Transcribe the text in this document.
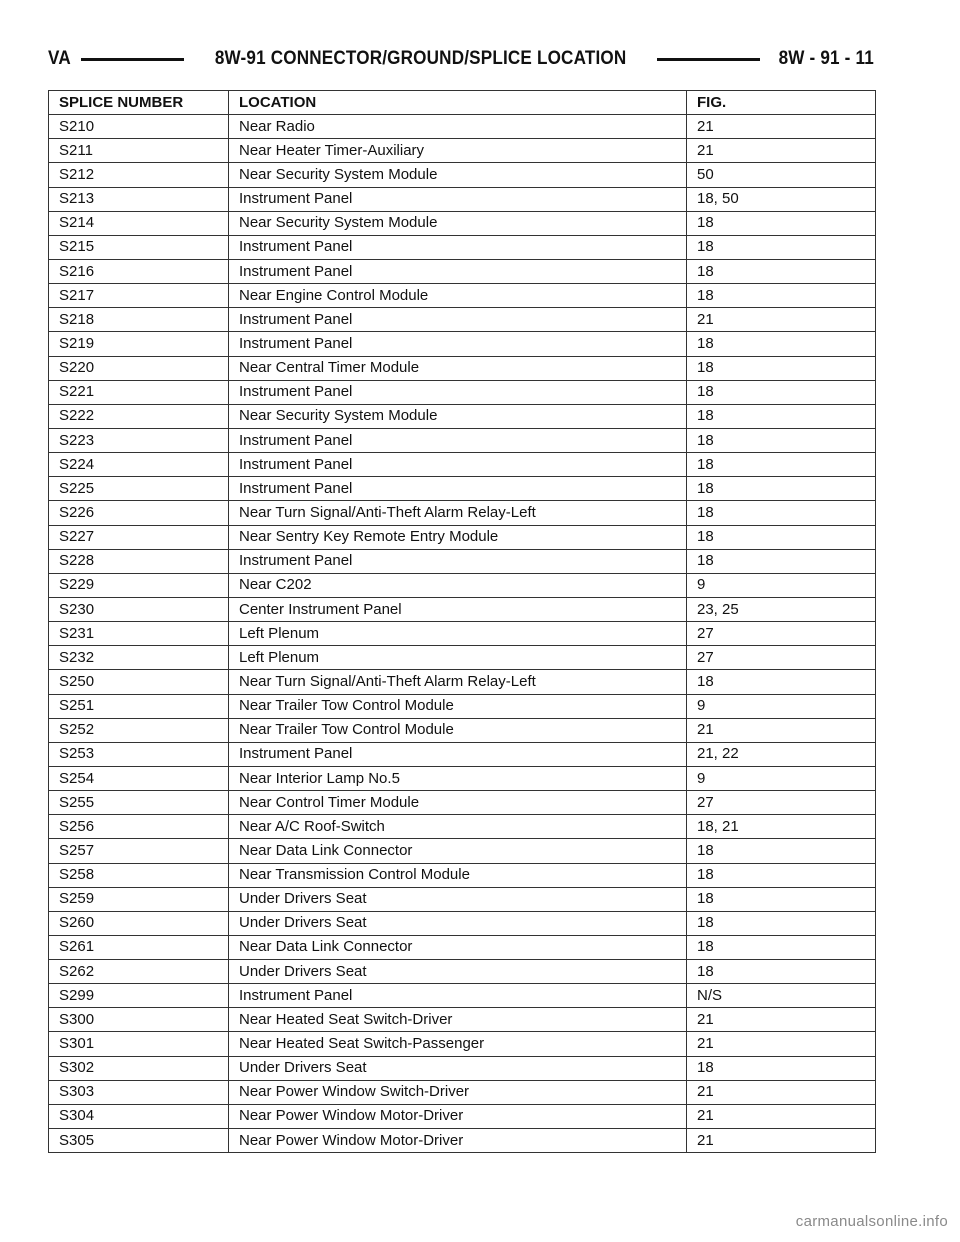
VA	8W-91 CONNECTOR/GROUND/SPLICE LOCATION	8W - 91 - 11
SPLICE NUMBER	LOCATION	FIG.
S210	Near Radio	21
S211	Near Heater Timer-Auxiliary	21
S212	Near Security System Module	50
S213	Instrument Panel	18, 50
S214	Near Security System Module	18
S215	Instrument Panel	18
S216	Instrument Panel	18
S217	Near Engine Control Module	18
S218	Instrument Panel	21
S219	Instrument Panel	18
S220	Near Central Timer Module	18
S221	Instrument Panel	18
S222	Near Security System Module	18
S223	Instrument Panel	18
S224	Instrument Panel	18
S225	Instrument Panel	18
S226	Near Turn Signal/Anti-Theft Alarm Relay-Left	18
S227	Near Sentry Key Remote Entry Module	18
S228	Instrument Panel	18
S229	Near C202	9
S230	Center Instrument Panel	23, 25
S231	Left Plenum	27
S232	Left Plenum	27
S250	Near Turn Signal/Anti-Theft Alarm Relay-Left	18
S251	Near Trailer Tow Control Module	9
S252	Near Trailer Tow Control Module	21
S253	Instrument Panel	21, 22
S254	Near Interior Lamp No.5	9
S255	Near Control Timer Module	27
S256	Near A/C Roof-Switch	18, 21
S257	Near Data Link Connector	18
S258	Near Transmission Control Module	18
S259	Under Drivers Seat	18
S260	Under Drivers Seat	18
S261	Near Data Link Connector	18
S262	Under Drivers Seat	18
S299	Instrument Panel	N/S
S300	Near Heated Seat Switch-Driver	21
S301	Near Heated Seat Switch-Passenger	21
S302	Under Drivers Seat	18
S303	Near Power Window Switch-Driver	21
S304	Near Power Window Motor-Driver	21
S305	Near Power Window Motor-Driver	21
carmanualsonline.info
